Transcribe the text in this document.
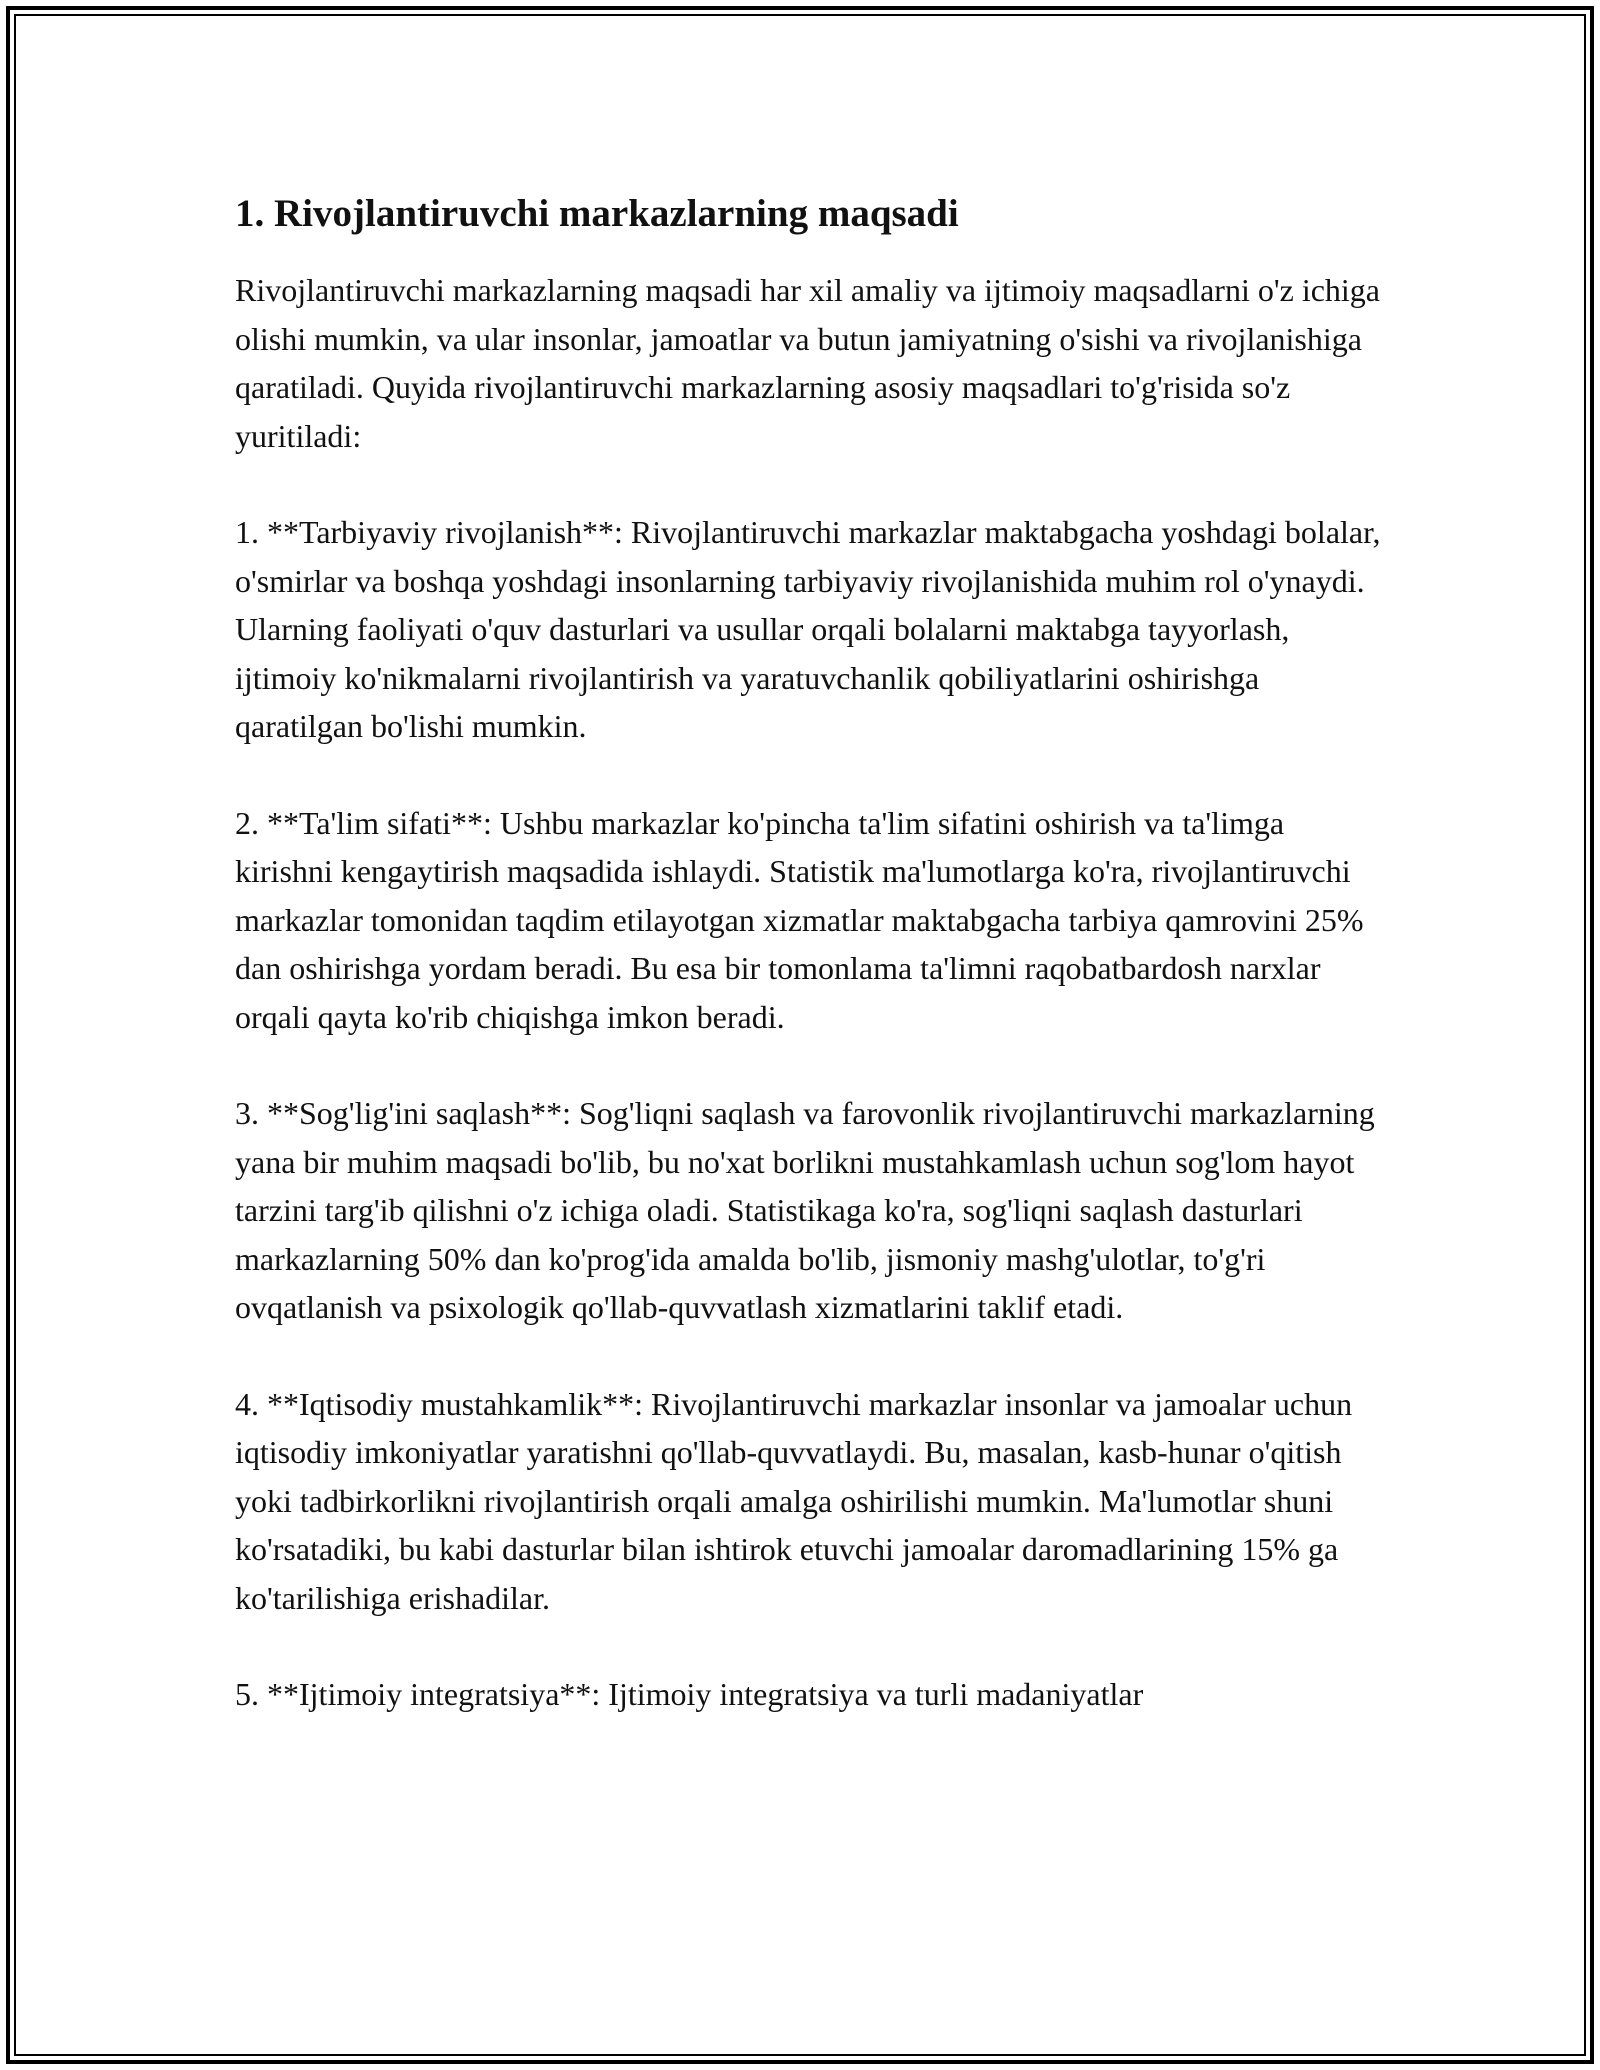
1. Rivojlantiruvchi markazlarning maqsadi

Rivojlantiruvchi markazlarning maqsadi har xil amaliy va ijtimoiy maqsadlarni o'z ichiga olishi mumkin, va ular insonlar, jamoatlar va butun jamiyatning o'sishi va rivojlanishiga qaratiladi. Quyida rivojlantiruvchi markazlarning asosiy maqsadlari to'g'risida so'z yuritiladi:

1. **Tarbiyaviy rivojlanish**: Rivojlantiruvchi markazlar maktabgacha yoshdagi bolalar, o'smirlar va boshqa yoshdagi insonlarning tarbiyaviy rivojlanishida muhim rol o'ynaydi. Ularning faoliyati o'quv dasturlari va usullar orqali bolalarni maktabga tayyorlash, ijtimoiy ko'nikmalarni rivojlantirish va yaratuvchanlik qobiliyatlarini oshirishga qaratilgan bo'lishi mumkin.

2. **Ta'lim sifati**: Ushbu markazlar ko'pincha ta'lim sifatini oshirish va ta'limga kirishni kengaytirish maqsadida ishlaydi. Statistik ma'lumotlarga ko'ra, rivojlantiruvchi markazlar tomonidan taqdim etilayotgan xizmatlar maktabgacha tarbiya qamrovini 25% dan oshirishga yordam beradi. Bu esa bir tomonlama ta'limni raqobatbardosh narxlar orqali qayta ko'rib chiqishga imkon beradi.

3. **Sog'lig'ini saqlash**: Sog'liqni saqlash va farovonlik rivojlantiruvchi markazlarning yana bir muhim maqsadi bo'lib, bu no'xat borlikni mustahkamlash uchun sog'lom hayot tarzini targ'ib qilishni o'z ichiga oladi. Statistikaga ko'ra, sog'liqni saqlash dasturlari markazlarning 50% dan ko'prog'ida amalda bo'lib, jismoniy mashg'ulotlar, to'g'ri ovqatlanish va psixologik qo'llab-quvvatlash xizmatlarini taklif etadi.

4. **Iqtisodiy mustahkamlik**: Rivojlantiruvchi markazlar insonlar va jamoalar uchun iqtisodiy imkoniyatlar yaratishni qo'llab-quvvatlaydi. Bu, masalan, kasb-hunar o'qitish yoki tadbirkorlikni rivojlantirish orqali amalga oshirilishi mumkin. Ma'lumotlar shuni ko'rsatadiki, bu kabi dasturlar bilan ishtirok etuvchi jamoalar daromadlarining 15% ga ko'tarilishiga erishadilar.

5. **Ijtimoiy integratsiya**: Ijtimoiy integratsiya va turli madaniyatlar
